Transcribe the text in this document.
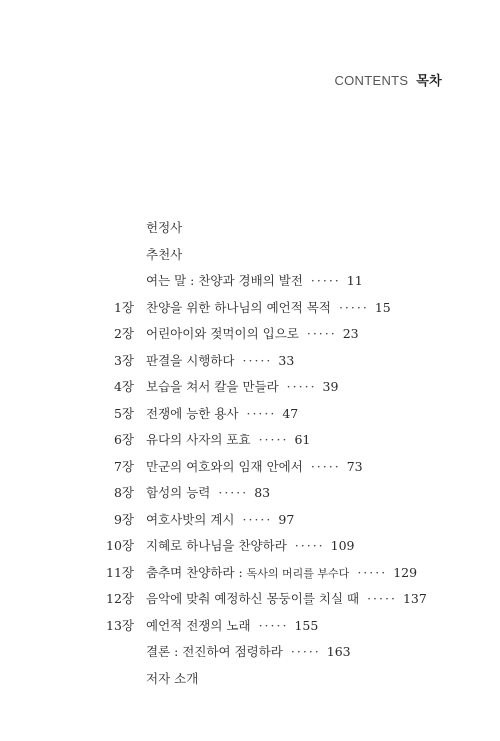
CONTENTS 목차
헌정사
추천사
여는 말 : 찬양과 경배의 발전 ····· 11
1장 찬양을 위한 하나님의 예언적 목적 ····· 15
2장 어린아이와 젖먹이의 입으로 ····· 23
3장 판결을 시행하다 ····· 33
4장 보습을 쳐서 칼을 만들라 ····· 39
5장 전쟁에 능한 용사 ····· 47
6장 유다의 사자의 포효 ····· 61
7장 만군의 여호와의 임재 안에서 ····· 73
8장 함성의 능력 ····· 83
9장 여호사밧의 계시 ····· 97
10장 지혜로 하나님을 찬양하라 ····· 109
11장 춤추며 찬양하라 : 독사의 머리를 부수다 ····· 129
12장 음악에 맞춰 예정하신 몽둥이를 치실 때 ····· 137
13장 예언적 전쟁의 노래 ····· 155
결론 : 전진하여 점령하라 ····· 163
저자 소개
